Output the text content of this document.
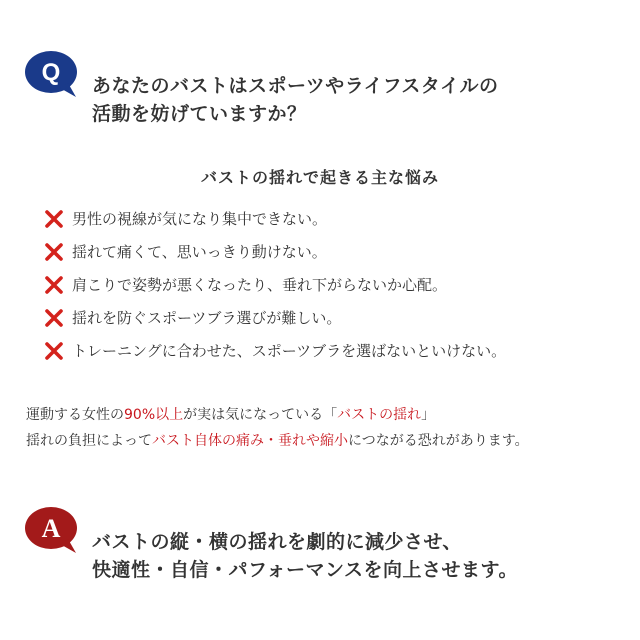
Q あなたのバストはスポーツやライフスタイルの
活動を妨げていますか？
バストの揺れで起きる主な悩み
男性の視線が気になり集中できない。
揺れて痛くて、思いっきり動けない。
肩こりで姿勢が悪くなったり、垂れ下がらないか心配。
揺れを防ぐスポーツブラ選びが難しい。
トレーニングに合わせた、スポーツブラを選ばないといけない。
運動する女性の90%以上が実は気になっている「バストの揺れ」
揺れの負担によってバスト自体の痛み・垂れや縮小につながる恐れがあります。
A バストの縦・横の揺れを劇的に減少させ、
快適性・自信・パフォーマンスを向上させます。
